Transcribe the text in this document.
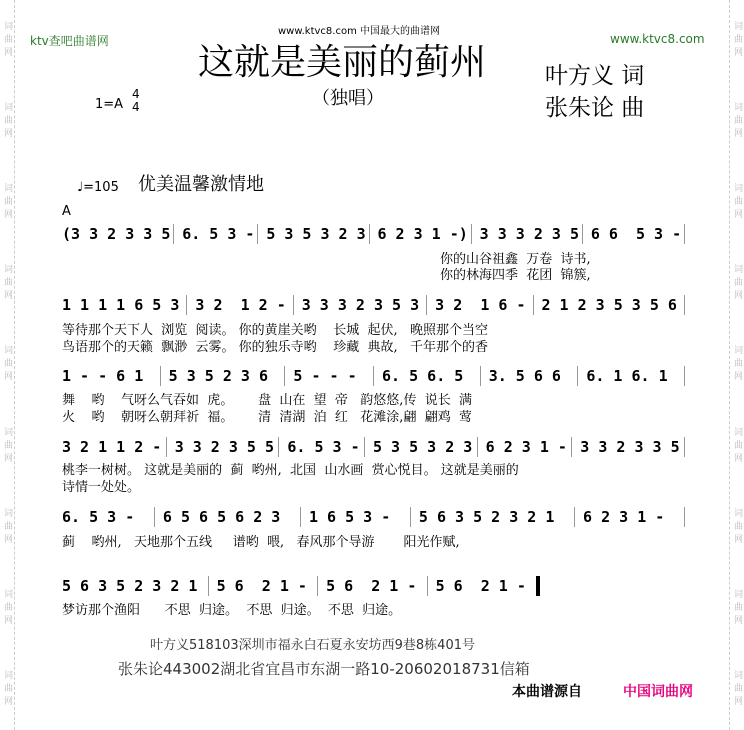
词曲网
词曲网
词曲网
词曲网
词曲网
词曲网
词曲网
词曲网
词曲网
词曲网
词曲网
词曲网
词曲网
词曲网
词曲网
词曲网
词曲网
词曲网
ktv查吧曲谱网
www.ktvc8.com 中国最大的曲谱网
www.ktvc8.com
这就是美丽的蓟州
（独唱）
叶方义 词
张朱论 曲
1=A
4
4
♩=105 优美温馨激情地
A
(3 3 2 3 3 5 6. 5 3 - 5 3 5 3 2 3 6 2 3 1 -) 3 3 3 2 3 5 6 6  5 3 -
你的山谷祖鑫  万卷  诗书,
你的林海四季  花团  锦簇,
1 1 1 1 6 5 3	3 2  1 2 -	3 3 3 2 3 5 3	3 2  1 6 -	2 1 2 3 5 3 5 6
等待那个天下人  浏览  阅读。 你的黄崖关哟    长城  起伏,   晚照那个当空
鸟语那个的天籁  飘渺  云雾。 你的独乐寺哟    珍藏  典故,   千年那个的香
1 - - 6 1	5 3 5 2 3 6	5 - - -	6. 5 6. 5	3. 5 6 6	6. 1 6. 1
舞    哟    气呀么气吞如  虎。      盘  山在  望  帝   韵悠悠,传  说长  满
火    哟    朝呀么朝拜祈  福。      清  清湖  泊  红   花滩涂,翩  翩鸡  莺
3 2 1 1 2 - 3 3 2 3 5 5 6. 5 3 - 5 3 5 3 2 3 6 2 3 1 - 3 3 2 3 3 5
桃李一树树。 这就是美丽的  蓟  哟州,  北国  山水画  赏心悦目。 这就是美丽的
诗情一处处。
6. 5 3 -	6 5 6 5 6 2 3	1 6 5 3 -	5 6 3 5 2 3 2 1	6 2 3 1 -
蓟    哟州,   天地那个五线     谱哟  喂,   春风那个导游       阳光作赋,
5 6 3 5 2 3 2 1	5 6  2 1 -	5 6  2 1 -	5 6  2 1 -
梦访那个渔阳      不思  归途。  不思  归途。  不思  归途。
叶方义518103深圳市福永白石夏永安坊西9巷8栋401号
张朱论443002湖北省宜昌市东湖一路10-20602018731信箱
本曲谱源自	中国词曲网
